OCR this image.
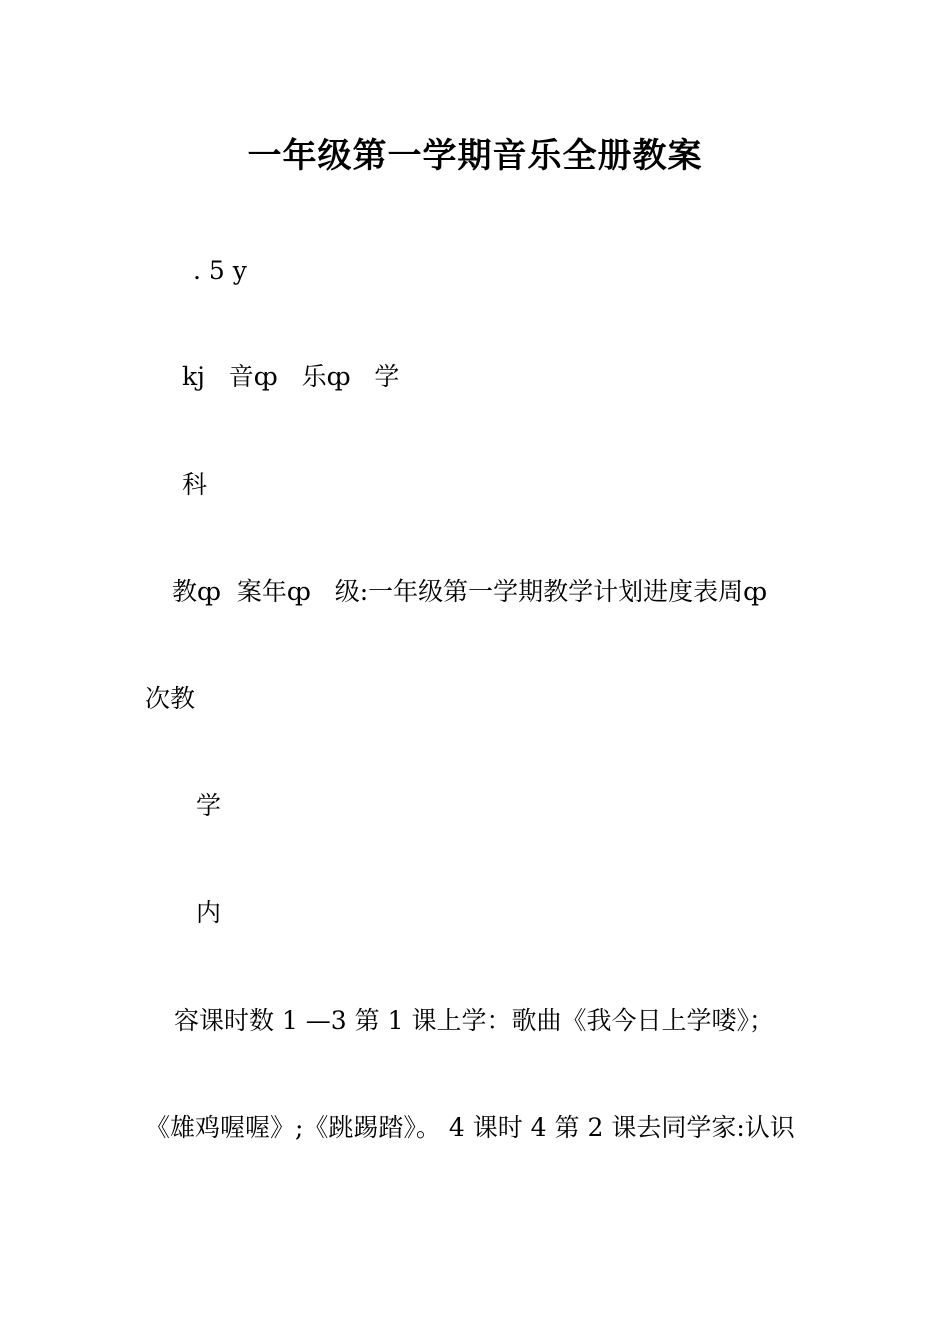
一年级第一学期音乐全册教案
. 5 y
kj   音ȹ   乐ȹ   学
科
教ȹ  案年ȹ   级:一年级第一学期教学计划进度表周ȹ
次教
学
内
容课时数 1 —3 第 1 课上学：歌曲《我今日上学喽》；
《雄鸡喔喔》;《跳踢踏》。 4 课时 4 第 2 课去同学家:认识
